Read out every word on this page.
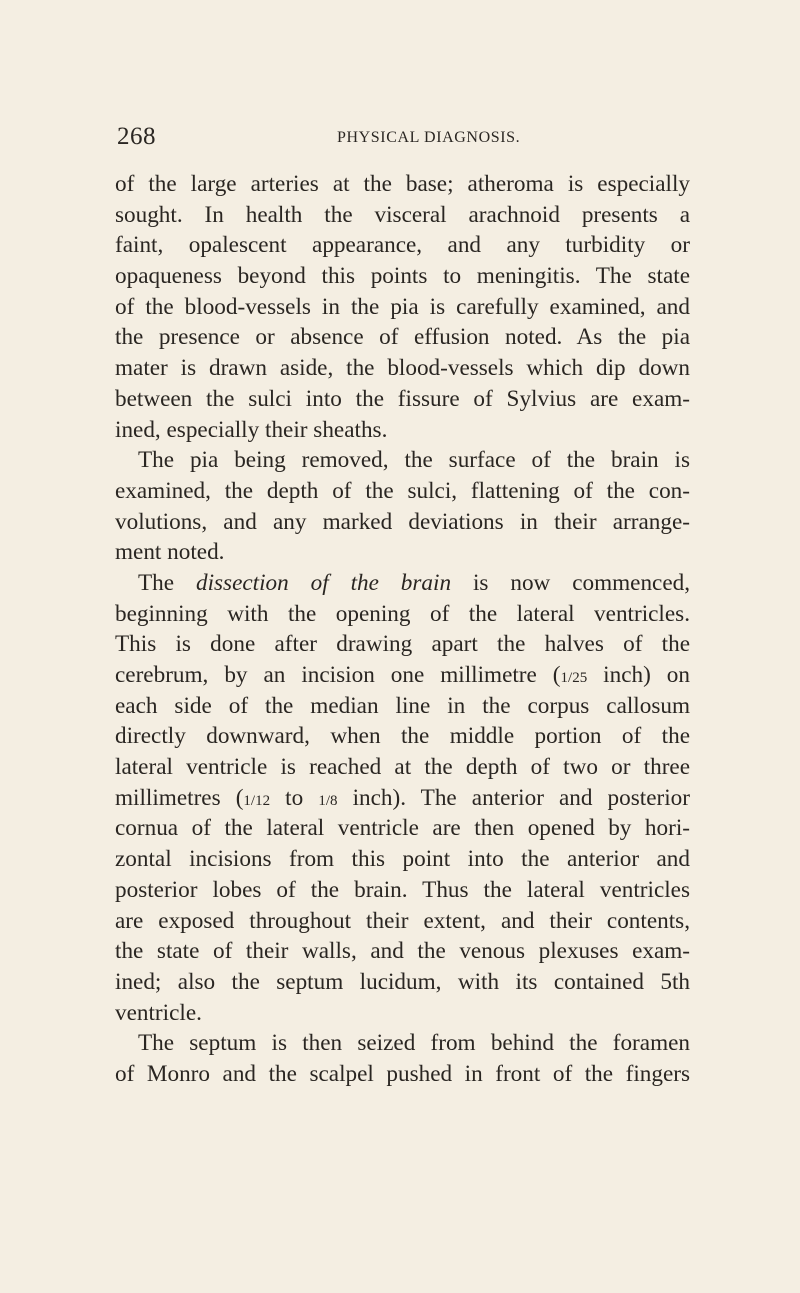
268	PHYSICAL DIAGNOSIS.
of the large arteries at the base; atheroma is especially
sought. In health the visceral arachnoid presents a
faint, opalescent appearance, and any turbidity or
opaqueness beyond this points to meningitis. The state
of the blood-vessels in the pia is carefully examined, and
the presence or absence of effusion noted. As the pia
mater is drawn aside, the blood-vessels which dip down
between the sulci into the fissure of Sylvius are exam-
ined, especially their sheaths.
The pia being removed, the surface of the brain is
examined, the depth of the sulci, flattening of the con-
volutions, and any marked deviations in their arrange-
ment noted.
The dissection of the brain is now commenced,
beginning with the opening of the lateral ventricles.
This is done after drawing apart the halves of the
cerebrum, by an incision one millimetre (1/25 inch) on
each side of the median line in the corpus callosum
directly downward, when the middle portion of the
lateral ventricle is reached at the depth of two or three
millimetres (1/12 to 1/8 inch). The anterior and posterior
cornua of the lateral ventricle are then opened by hori-
zontal incisions from this point into the anterior and
posterior lobes of the brain. Thus the lateral ventricles
are exposed throughout their extent, and their contents,
the state of their walls, and the venous plexuses exam-
ined; also the septum lucidum, with its contained 5th
ventricle.
The septum is then seized from behind the foramen
of Monro and the scalpel pushed in front of the fingers
